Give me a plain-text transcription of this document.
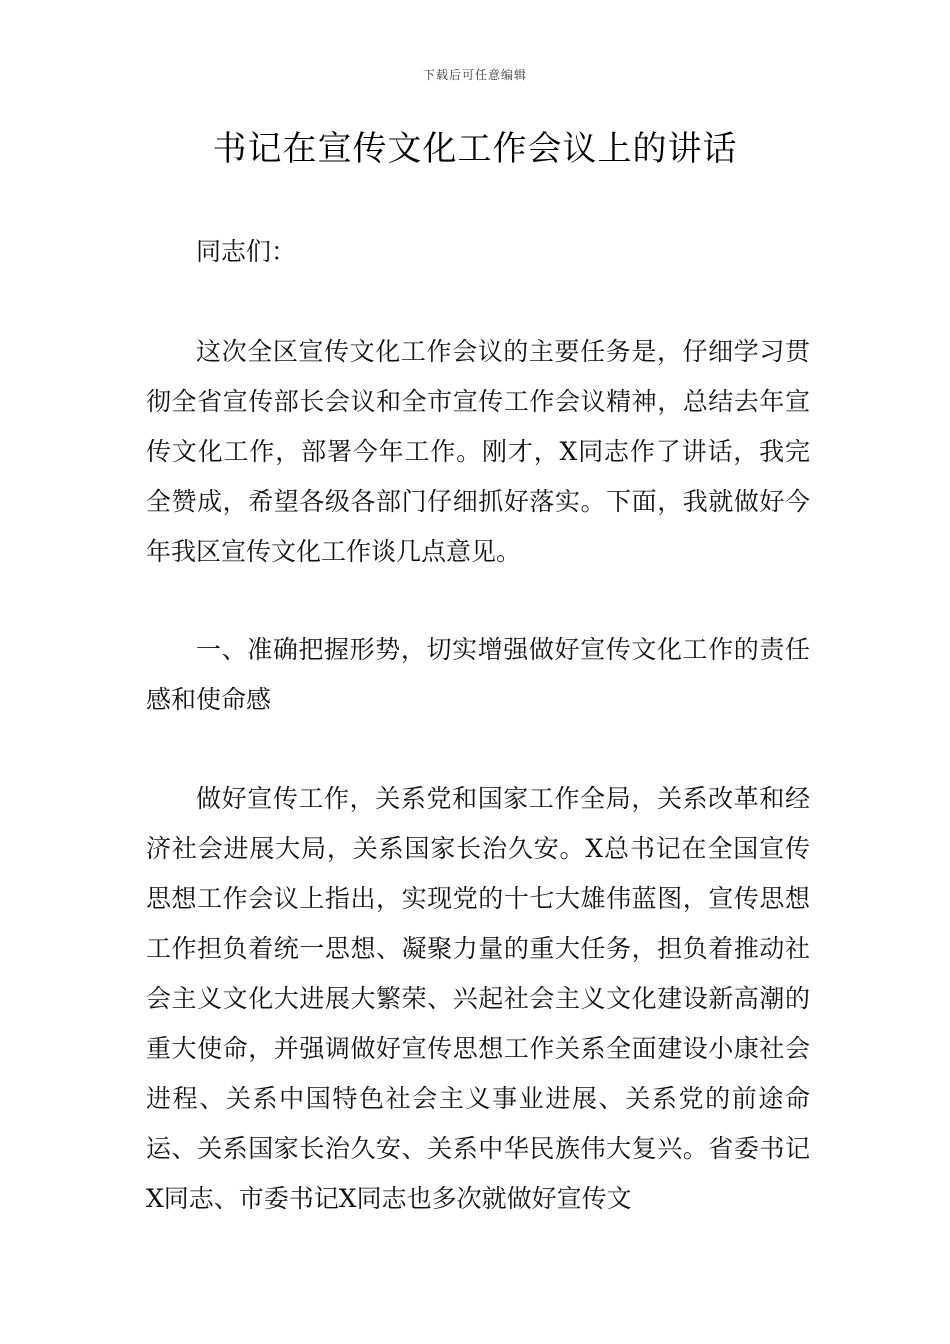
下载后可任意编辑
书记在宣传文化工作会议上的讲话

同志们：

这次全区宣传文化工作会议的主要任务是，仔细学习贯彻全省宣传部长会议和全市宣传工作会议精神，总结去年宣传文化工作，部署今年工作。刚才，X同志作了讲话，我完全赞成，希望各级各部门仔细抓好落实。下面，我就做好今年我区宣传文化工作谈几点意见。

一、准确把握形势，切实增强做好宣传文化工作的责任感和使命感

做好宣传工作，关系党和国家工作全局，关系改革和经济社会进展大局，关系国家长治久安。X总书记在全国宣传思想工作会议上指出，实现党的十七大雄伟蓝图，宣传思想工作担负着统一思想、凝聚力量的重大任务，担负着推动社会主义文化大进展大繁荣、兴起社会主义文化建设新高潮的重大使命，并强调做好宣传思想工作关系全面建设小康社会进程、关系中国特色社会主义事业进展、关系党的前途命运、关系国家长治久安、关系中华民族伟大复兴。省委书记X同志、市委书记X同志也多次就做好宣传文
